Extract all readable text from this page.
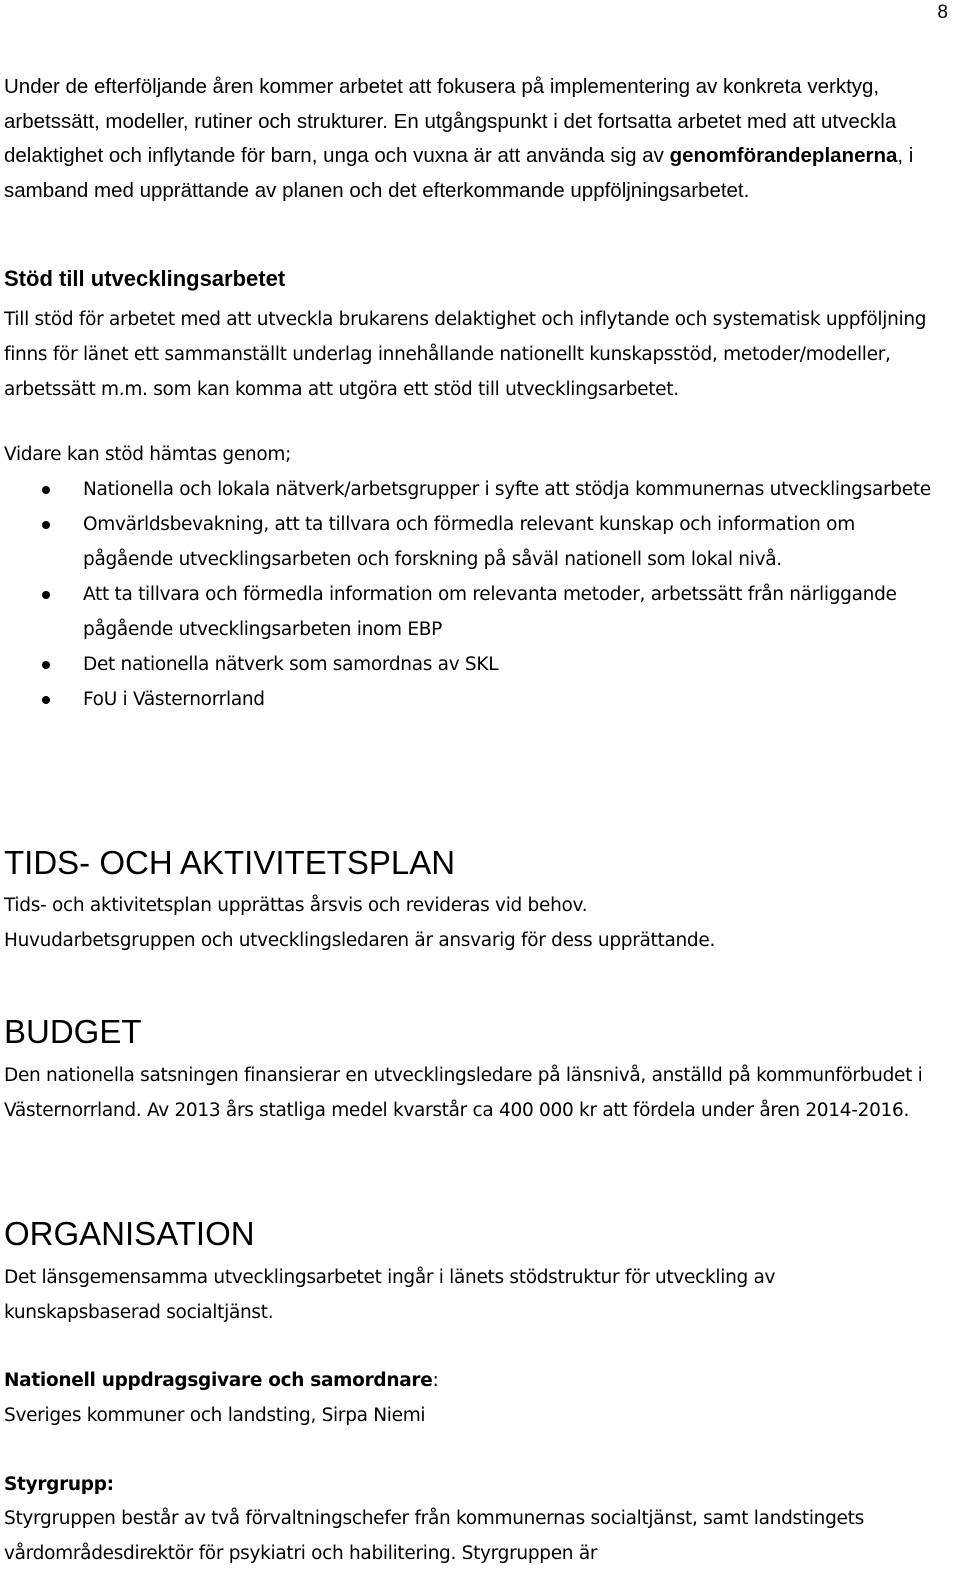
8

Under de efterföljande åren kommer arbetet att fokusera på implementering av konkreta verktyg, arbetssätt, modeller, rutiner och strukturer. En utgångspunkt i det fortsatta arbetet med att utveckla delaktighet och inflytande för barn, unga och vuxna är att använda sig av genomförandeplanerna, i samband med upprättande av planen och det efterkommande uppföljningsarbetet.

Stöd till utvecklingsarbetet

Till stöd för arbetet med att utveckla brukarens delaktighet och inflytande och systematisk uppföljning finns för länet ett sammanställt underlag innehållande nationellt kunskapsstöd, metoder/modeller, arbetssätt m.m. som kan komma att utgöra ett stöd till utvecklingsarbetet.

Vidare kan stöd hämtas genom;

Nationella och lokala nätverk/arbetsgrupper i syfte att stödja kommunernas utvecklingsarbete
Omvärldsbevakning, att ta tillvara och förmedla relevant kunskap och information om pågående utvecklingsarbeten och forskning på såväl nationell som lokal nivå.
Att ta tillvara och förmedla information om relevanta metoder, arbetssätt från närliggande pågående utvecklingsarbeten inom EBP
Det nationella nätverk som samordnas av SKL
FoU i Västernorrland
TIDS- OCH AKTIVITETSPLAN
Tids- och aktivitetsplan upprättas årsvis och revideras vid behov.
Huvudarbetsgruppen och utvecklingsledaren är ansvarig för dess upprättande.
BUDGET

Den nationella satsningen finansierar en utvecklingsledare på länsnivå, anställd på kommunförbudet i Västernorrland. Av 2013 års statliga medel kvarstår ca 400 000 kr att fördela under åren 2014-2016.

ORGANISATION

Det länsgemensamma utvecklingsarbetet ingår i länets stödstruktur för utveckling av kunskapsbaserad socialtjänst.

Nationell uppdragsgivare och samordnare:

Sveriges kommuner och landsting, Sirpa Niemi

Styrgrupp:

Styrgruppen består av två förvaltningschefer från kommunernas socialtjänst, samt landstingets vårdområdesdirektör för psykiatri och habilitering. Styrgruppen är
